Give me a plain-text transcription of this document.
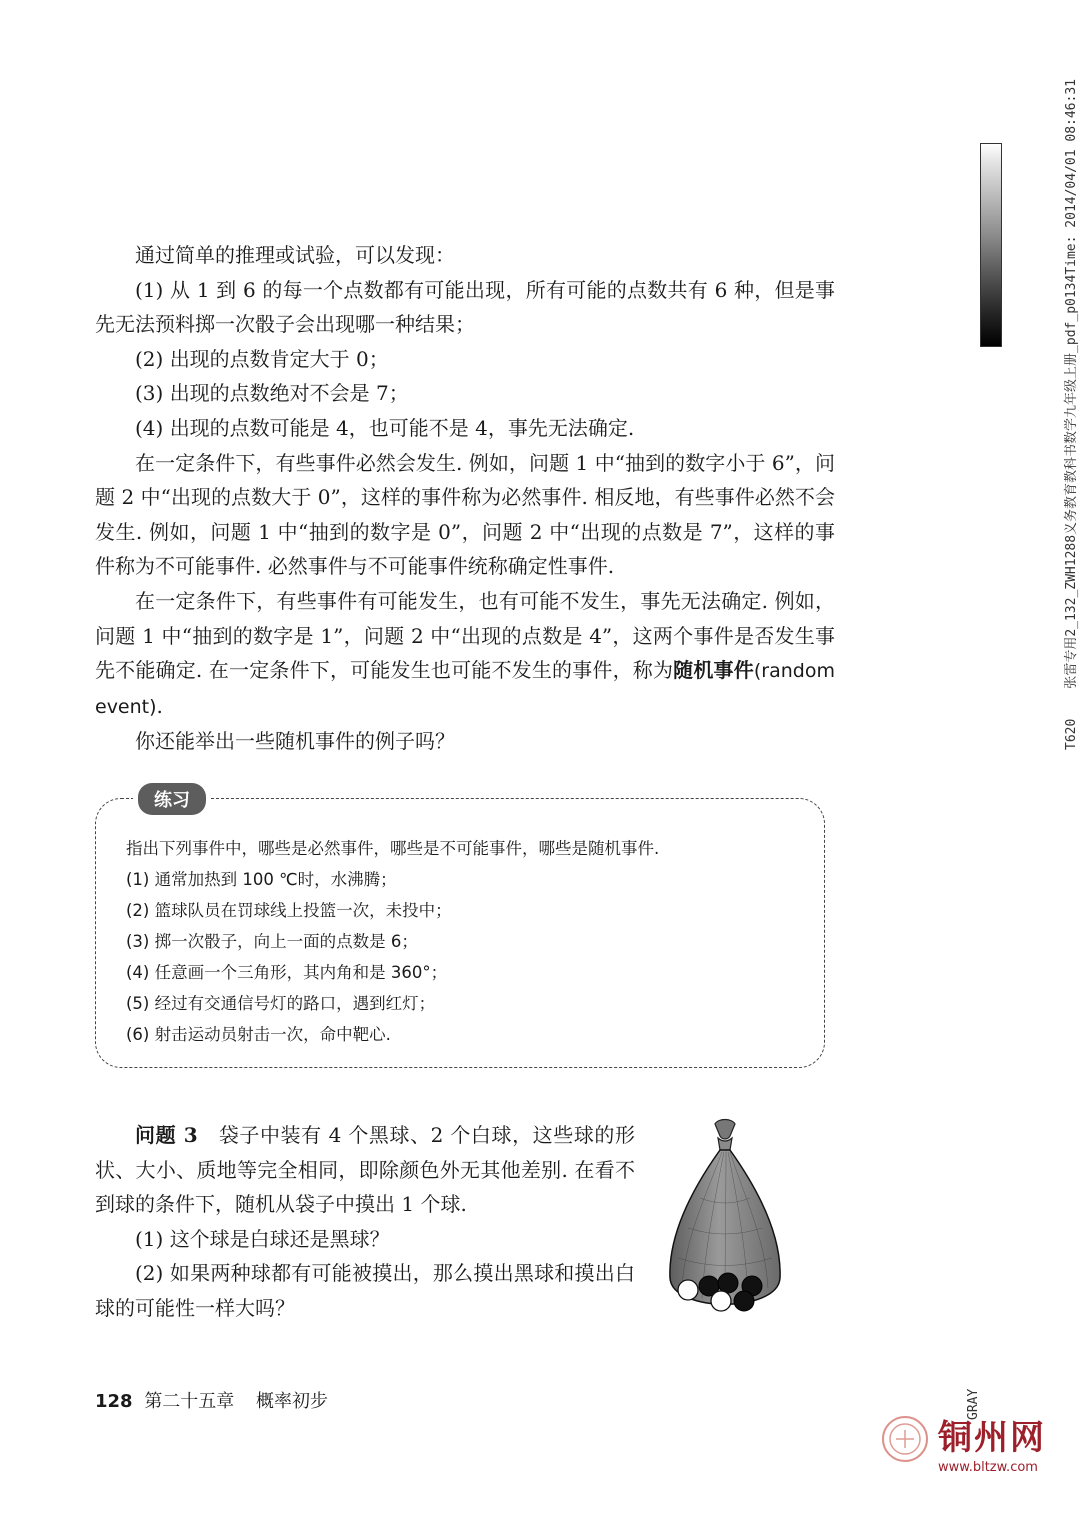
通过简单的推理或试验，可以发现：

(1) 从 1 到 6 的每一个点数都有可能出现，所有可能的点数共有 6 种，但是事先无法预料掷一次骰子会出现哪一种结果；

(2) 出现的点数肯定大于 0；

(3) 出现的点数绝对不会是 7；

(4) 出现的点数可能是 4，也可能不是 4，事先无法确定.

在一定条件下，有些事件必然会发生. 例如，问题 1 中“抽到的数字小于 6”，问题 2 中“出现的点数大于 0”，这样的事件称为必然事件. 相反地，有些事件必然不会发生. 例如，问题 1 中“抽到的数字是 0”，问题 2 中“出现的点数是 7”，这样的事件称为不可能事件. 必然事件与不可能事件统称确定性事件.

在一定条件下，有些事件有可能发生，也有可能不发生，事先无法确定. 例如，问题 1 中“抽到的数字是 1”，问题 2 中“出现的点数是 4”，这两个事件是否发生事先不能确定. 在一定条件下，可能发生也可能不发生的事件，称为随机事件(random event).

你还能举出一些随机事件的例子吗？

练习

指出下列事件中，哪些是必然事件，哪些是不可能事件，哪些是随机事件.

(1) 通常加热到 100 ℃时，水沸腾；

(2) 篮球队员在罚球线上投篮一次，未投中；

(3) 掷一次骰子，向上一面的点数是 6；

(4) 任意画一个三角形，其内角和是 360°；

(5) 经过有交通信号灯的路口，遇到红灯；

(6) 射击运动员射击一次，命中靶心.

问题 3　 袋子中装有 4 个黑球、2 个白球，这些球的形状、大小、质地等完全相同，即除颜色外无其他差别. 在看不到球的条件下，随机从袋子中摸出 1 个球.

(1) 这个球是白球还是黑球？

(2) 如果两种球都有可能被摸出，那么摸出黑球和摸出白球的可能性一样大吗？

128 第二十五章 概率初步
T620张雷专用2_132_ZWH1288义务教育教科书数学九年级上册_pdf_p0134Time: 2014/04/01 08:46:31
GRAY
铜州网
www.bltzw.com
